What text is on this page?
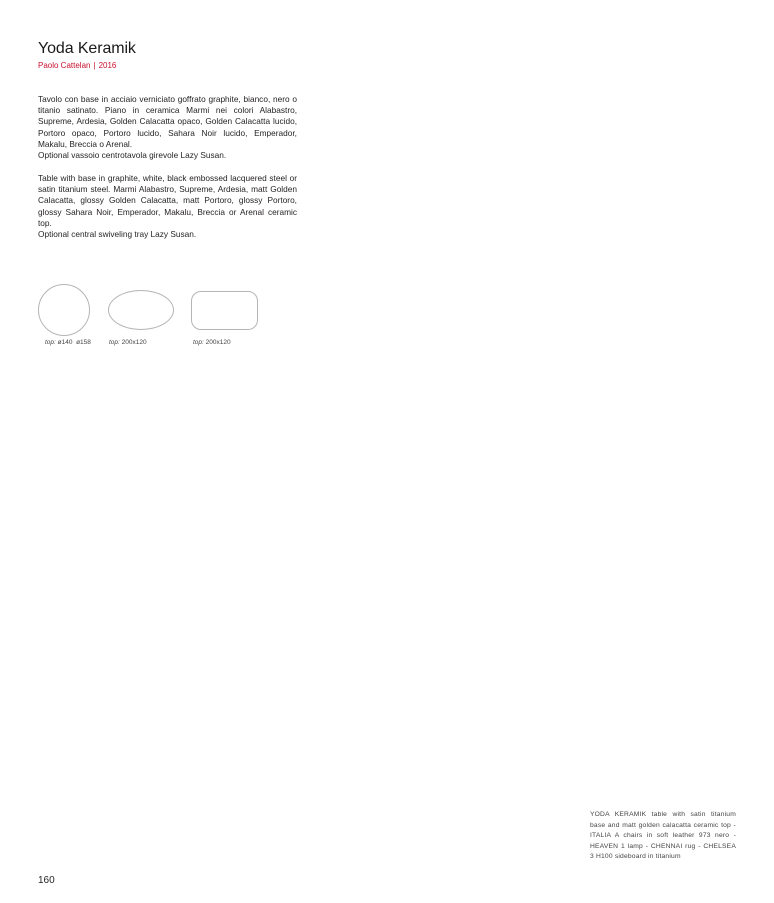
Yoda Keramik
Paolo Cattelan | 2016

Tavolo con base in acciaio verniciato goffrato graphite, bianco, nero o titanio satinato. Piano in ceramica Marmi nei colori Alabastro, Supreme, Ardesia, Golden Calacatta opaco, Golden Calacatta lucido, Portoro opaco, Portoro lucido, Sahara Noir lucido, Emperador, Makalu, Breccia o Arenal.
Optional vassoio centrotavola girevole Lazy Susan.

Table with base in graphite, white, black embossed lacquered steel or satin titanium steel. Marmi Alabastro, Supreme, Ardesia, matt Golden Calacatta, glossy Golden Calacatta, matt Portoro, glossy Portoro, glossy Sahara Noir, Emperador, Makalu, Breccia or Arenal ceramic top.
Optional central swiveling tray Lazy Susan.

top: ø140  ø158	top: 200x120	top: 200x120

YODA KERAMIK table with satin titanium base and matt golden calacatta ceramic top - ITALIA A chairs in soft leather 973 nero - HEAVEN 1 lamp - CHENNAI rug - CHELSEA 3 H100 sideboard in titanium

160
